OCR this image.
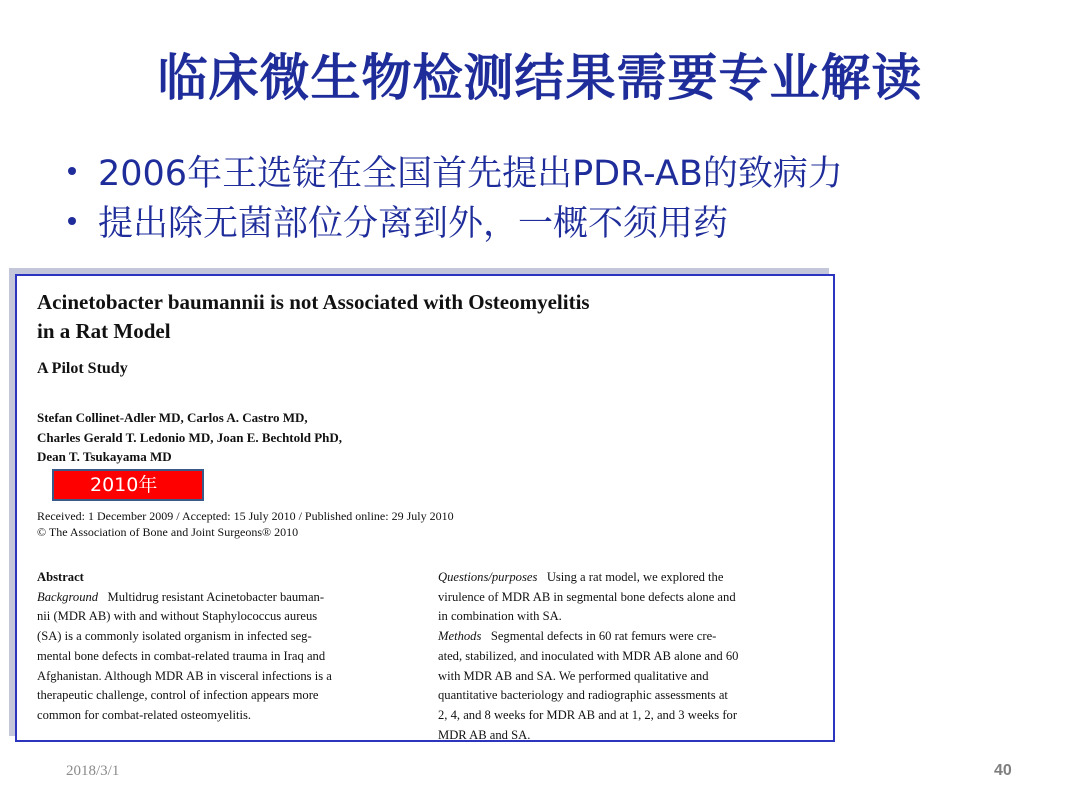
临床微生物检测结果需要专业解读
2006年王选锭在全国首先提出PDR-AB的致病力
提出除无菌部位分离到外，一概不须用药
Acinetobacter baumannii is not Associated with Osteomyelitis
in a Rat Model
A Pilot Study
Stefan Collinet-Adler MD, Carlos A. Castro MD,
Charles Gerald T. Ledonio MD, Joan E. Bechtold PhD,
Dean T. Tsukayama MD
2010年
Received: 1 December 2009 / Accepted: 15 July 2010 / Published online: 29 July 2010
© The Association of Bone and Joint Surgeons® 2010
Abstract
Background Multidrug resistant Acinetobacter bauman-
nii (MDR AB) with and without Staphylococcus aureus
(SA) is a commonly isolated organism in infected seg-
mental bone defects in combat-related trauma in Iraq and
Afghanistan. Although MDR AB in visceral infections is a
therapeutic challenge, control of infection appears more
common for combat-related osteomyelitis.
Questions/purposes Using a rat model, we explored the
virulence of MDR AB in segmental bone defects alone and
in combination with SA.
Methods Segmental defects in 60 rat femurs were cre-
ated, stabilized, and inoculated with MDR AB alone and 60
with MDR AB and SA. We performed qualitative and
quantitative bacteriology and radiographic assessments at
2, 4, and 8 weeks for MDR AB and at 1, 2, and 3 weeks for
MDR AB and SA.
2018/3/1	40
